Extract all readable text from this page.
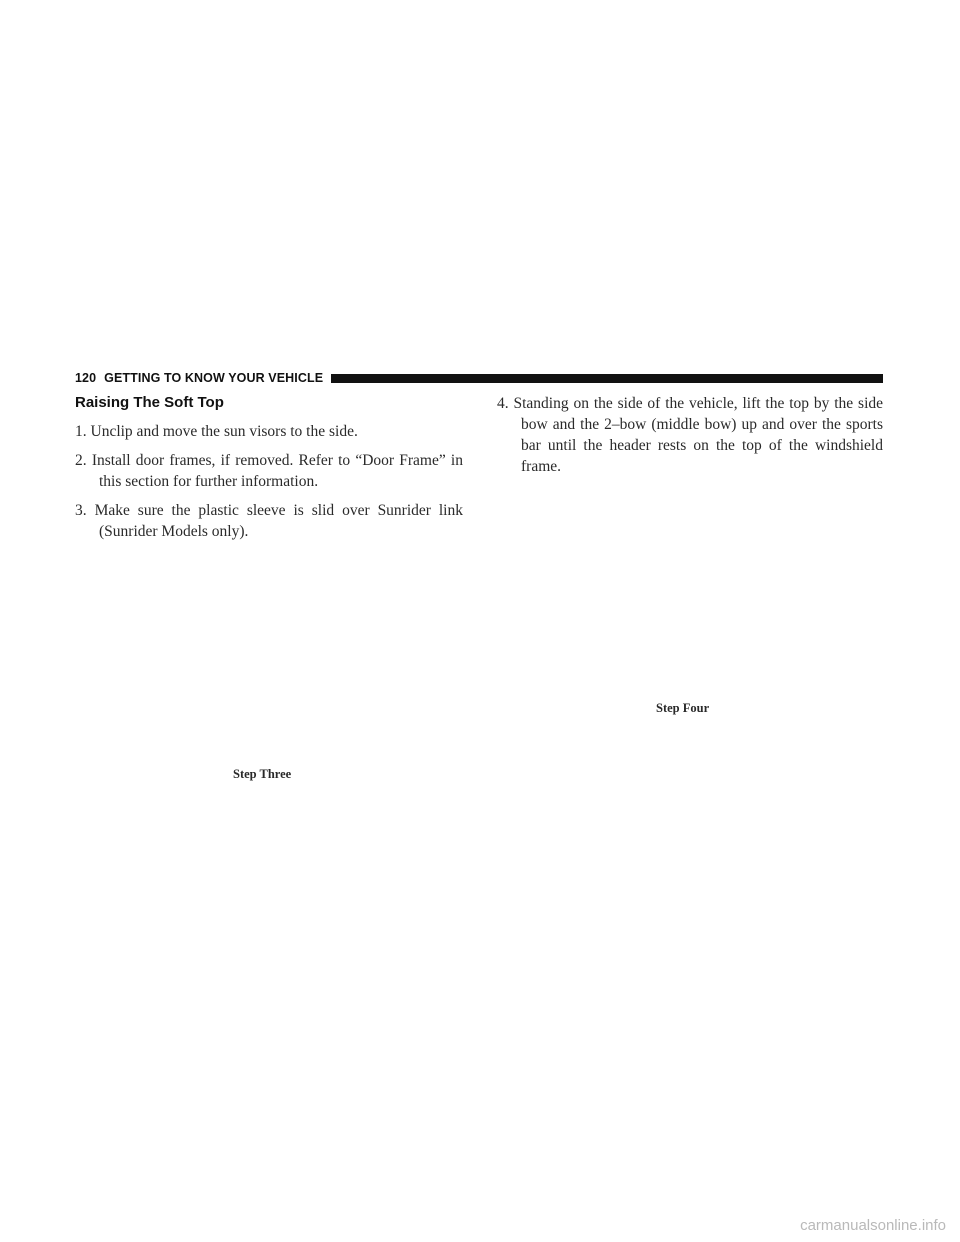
120 GETTING TO KNOW YOUR VEHICLE
Raising The Soft Top

1. Unclip and move the sun visors to the side.

2. Install door frames, if removed. Refer to “Door Frame” in this section for further information.

3. Make sure the plastic sleeve is slid over Sunrider link (Sunrider Models only).

4. Standing on the side of the vehicle, lift the top by the side bow and the 2–bow (middle bow) up and over the sports bar until the header rests on the top of the windshield frame.

Step Three
Step Four
carmanualsonline.info
